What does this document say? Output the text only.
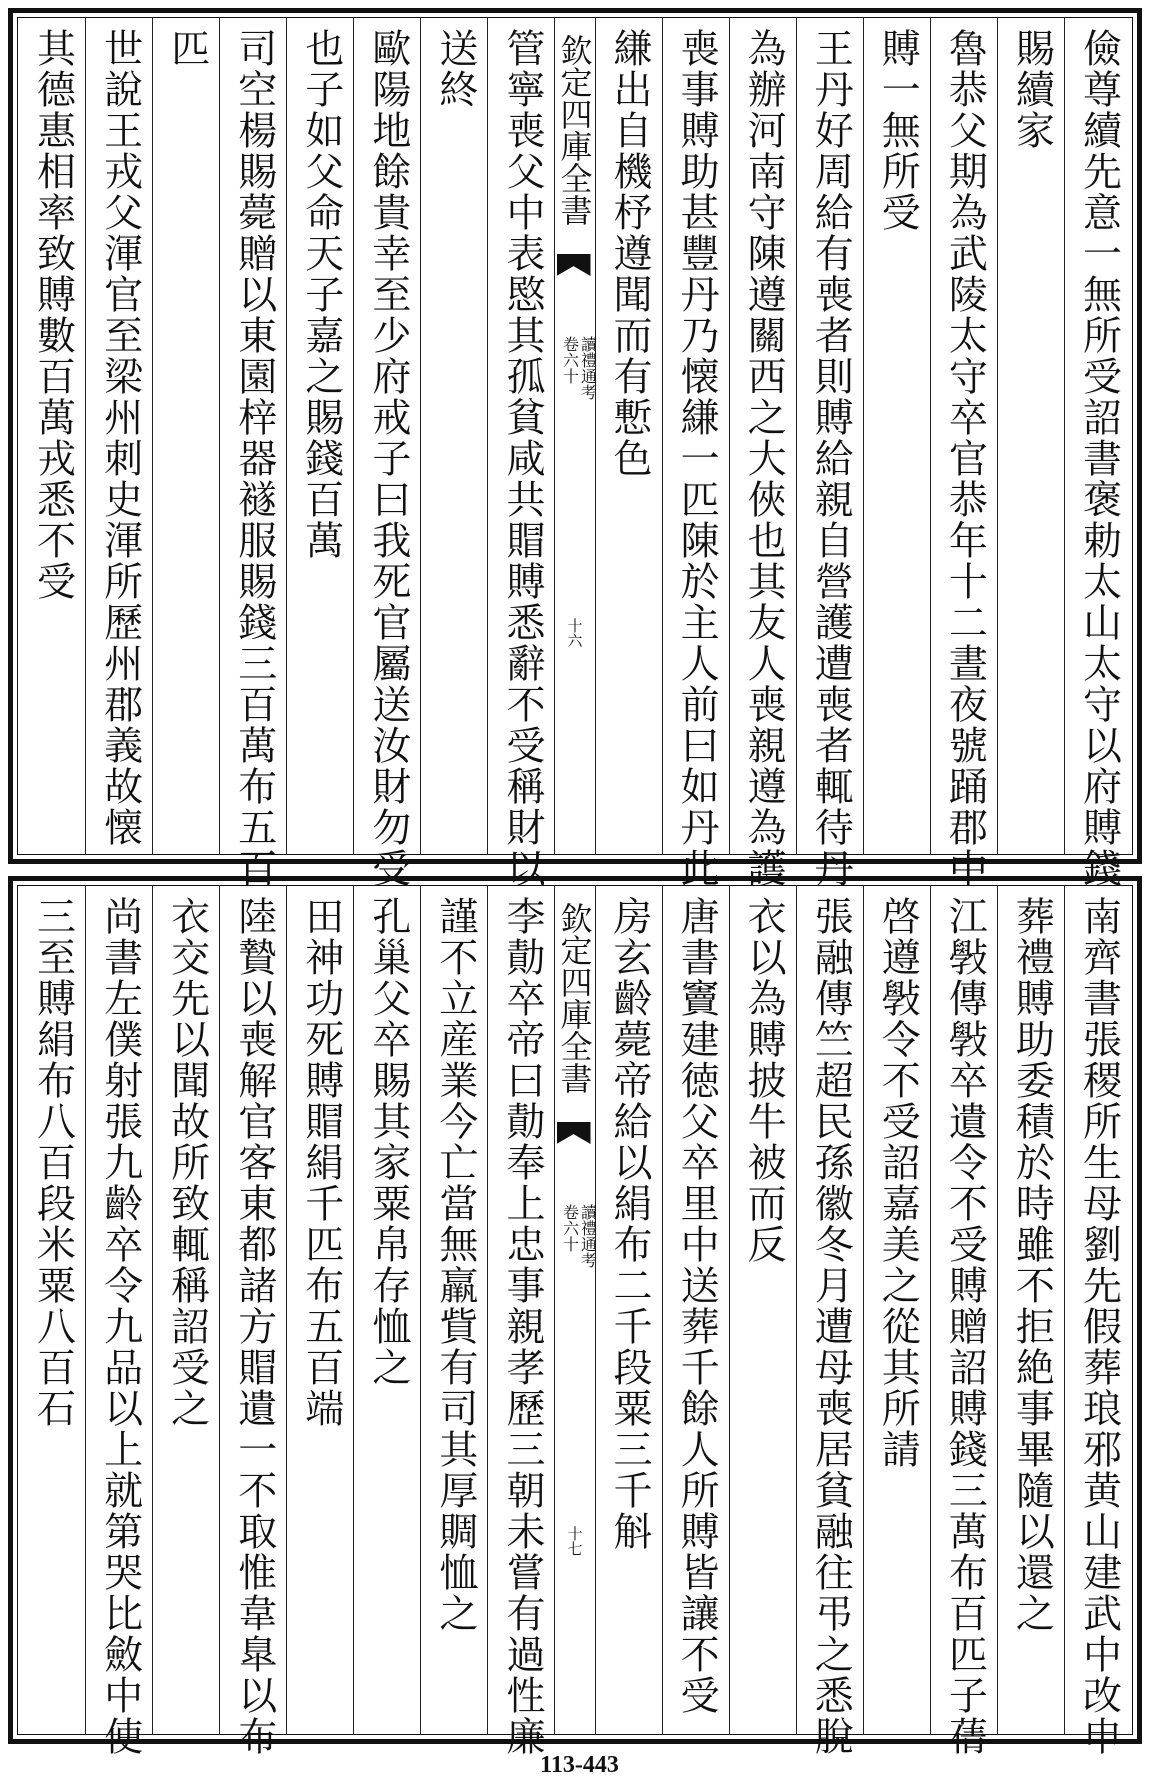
儉尊續先意一無所受詔書褒勅太山太守以府賻錢
賜續家
魯恭父期為武陵太守卒官恭年十二晝夜號踊郡中
賻一無所受
王丹好周給有喪者則賻給親自營護遭喪者輒待丹
為辦河南守陳遵關西之大俠也其友人喪親遵為護
喪事賻助甚豐丹乃懐縑一匹陳於主人前曰如丹此
縑出自機杼遵聞而有慙色
管寧喪父中表愍其孤貧咸共賵賻悉辭不受稱財以
送終
歐陽地餘貴幸至少府戒子曰我死官屬送汝財勿受
也子如父命天子嘉之賜錢百萬
司空楊賜薨贈以東園梓器襚服賜錢三百萬布五百
匹
世說王戎父渾官至梁州刺史渾所歷州郡義故懐
其德惠相率致賻數百萬戎悉不受	欽定四庫全書
讀禮通考
卷六十
十六
南齊書張稷所生母劉先假葬琅邪黄山建武中改申
葬禮賻助委積於時雖不拒絶事畢隨以還之
江斅傳斅卒遺令不受賻贈詔賻錢三萬布百匹子蒨
啓遵斅令不受詔嘉美之從其所請
張融傳竺超民孫徽冬月遭母喪居貧融往弔之悉脫
衣以為賻披牛被而反
唐書竇建徳父卒里中送葬千餘人所賻皆讓不受
房玄齡薨帝給以絹布二千段粟三千斛
李勣卒帝曰勣奉上忠事親孝歷三朝未嘗有過性廉
謹不立産業今亡當無羸貲有司其厚賙恤之
孔巢父卒賜其家粟帛存恤之
田神功死賻賵絹千匹布五百端
陸贄以喪解官客東都諸方賵遺一不取惟韋臯以布
衣交先以聞故所致輒稱詔受之
尚書左僕射張九齡卒令九品以上就第哭比斂中使
三至賻絹布八百段米粟八百石	欽定四庫全書
讀禮通考
卷六十
十七
113-443
